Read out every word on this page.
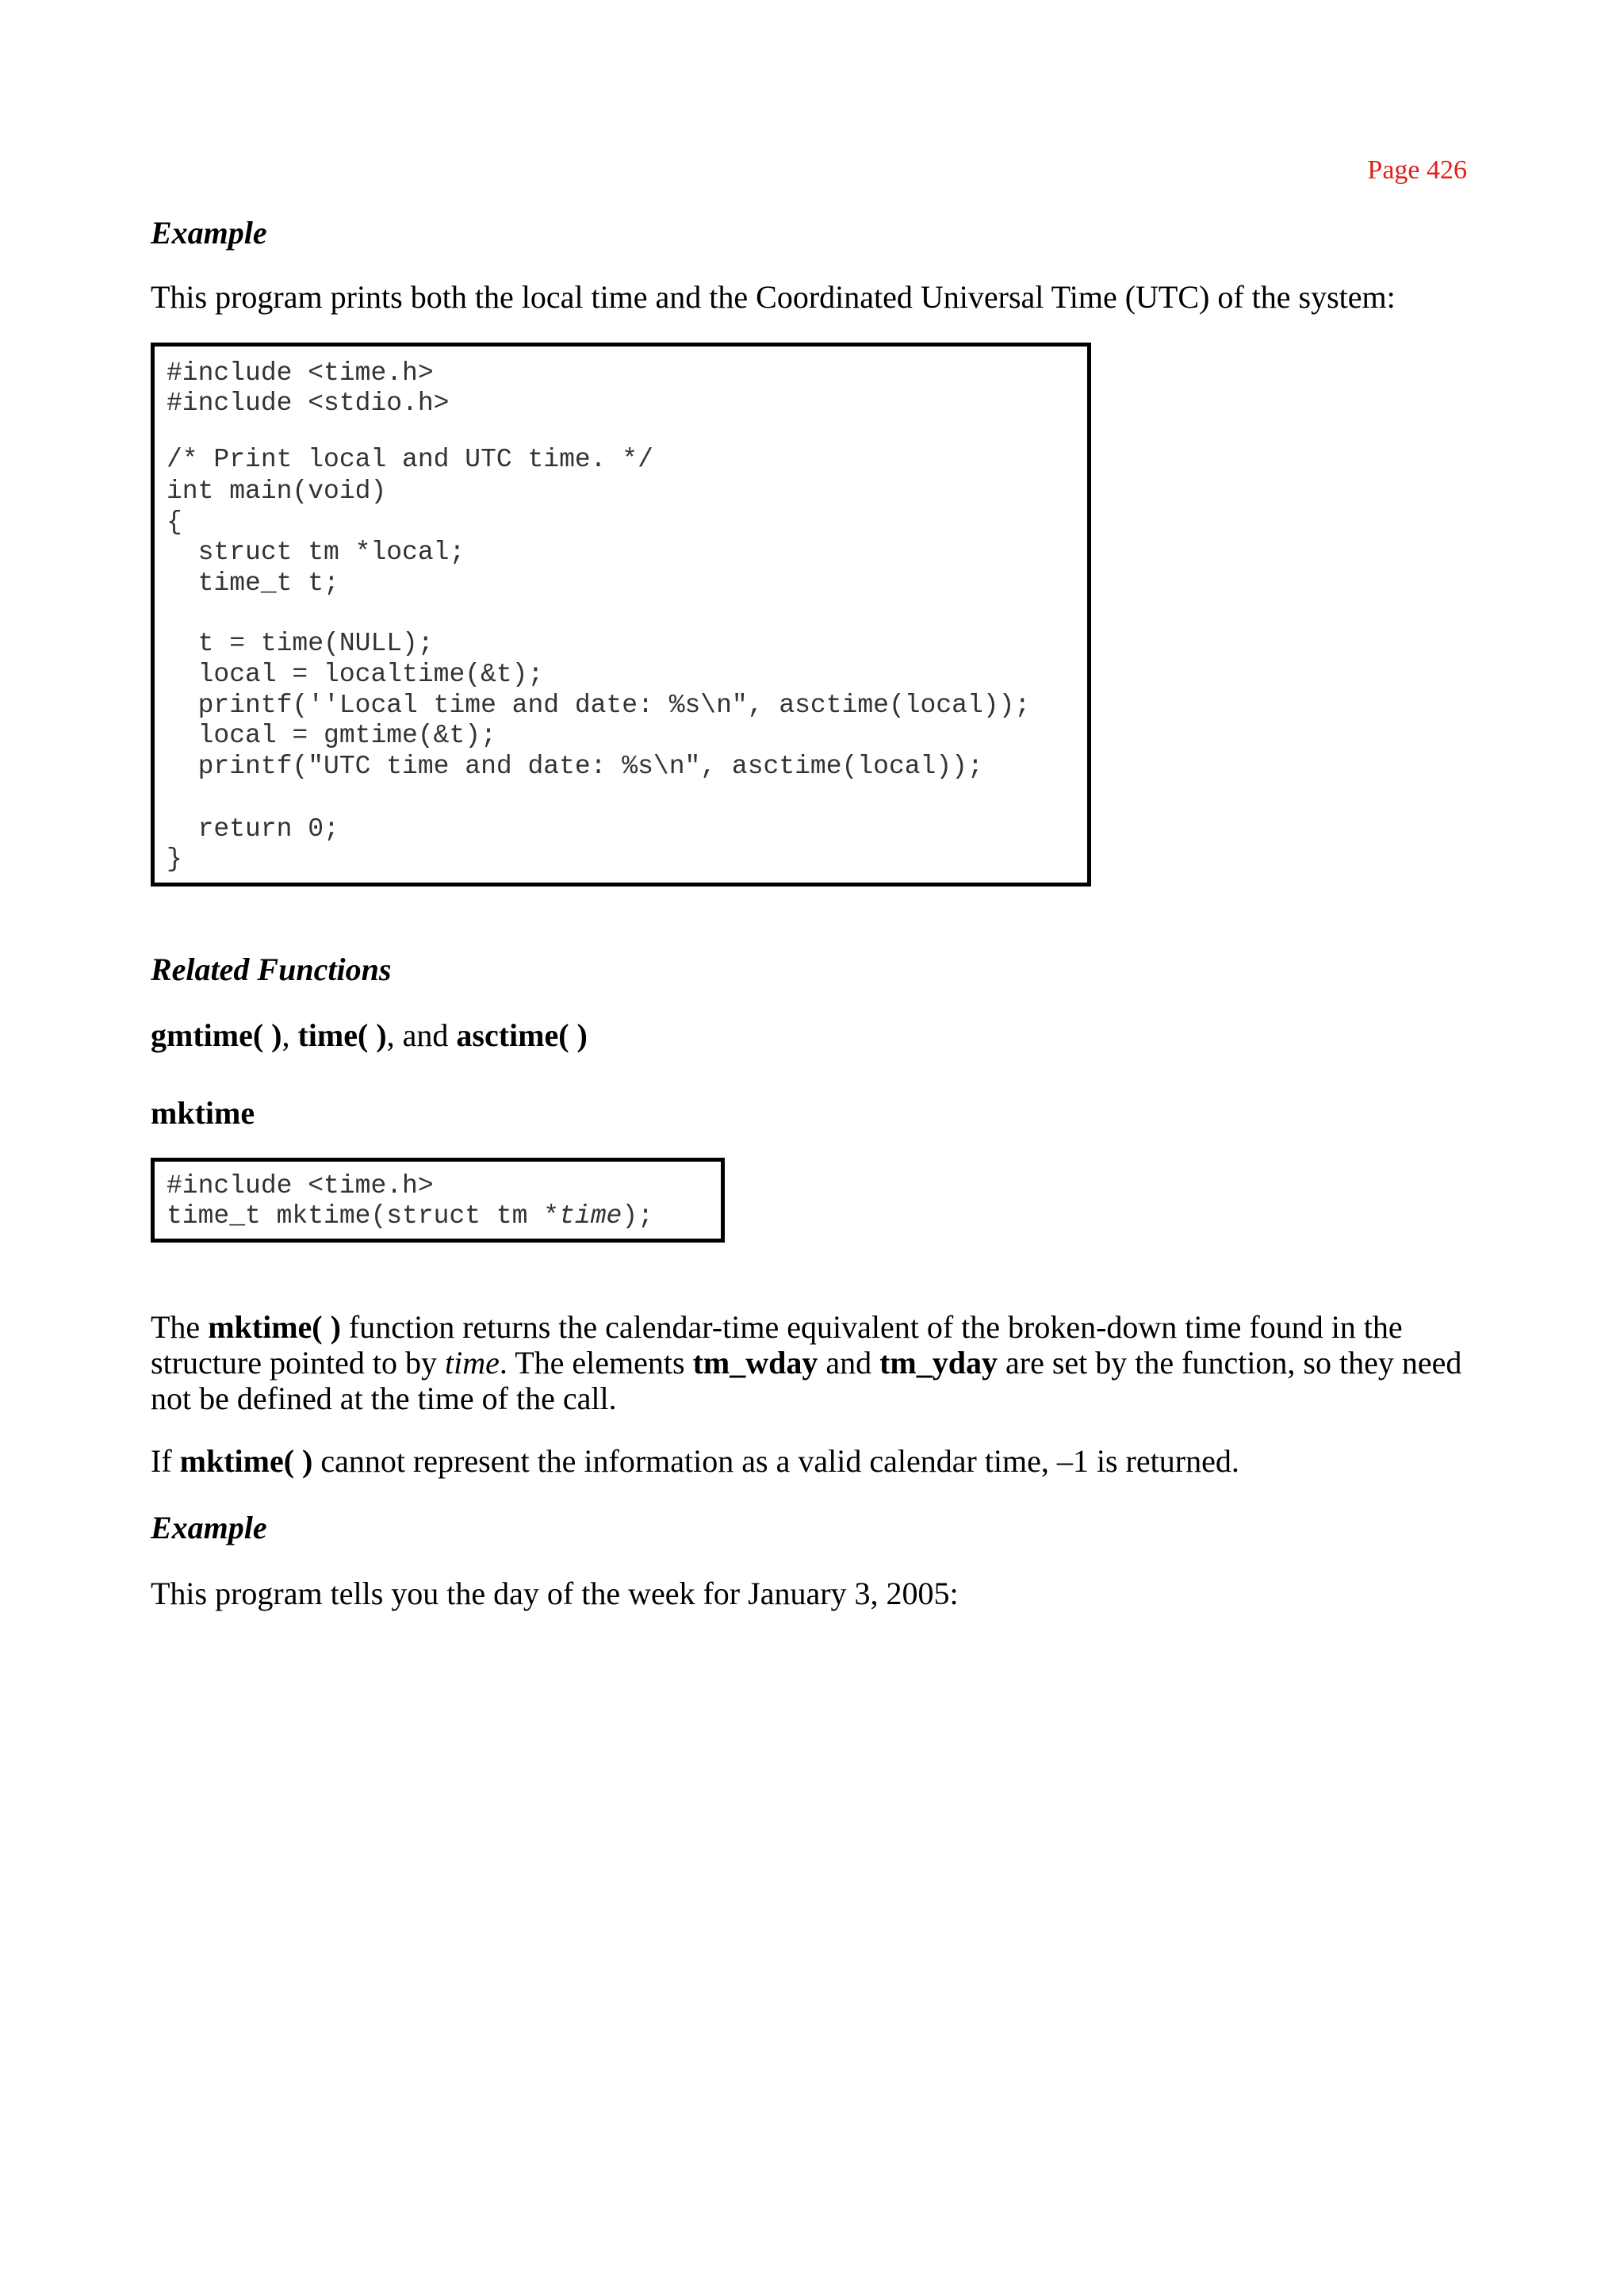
Page 426
Example
This program prints both the local time and the Coordinated Universal Time (UTC) of the system:
#include <time.h>
#include <stdio.h>
/* Print local and UTC time. */
int main(void)
{
struct tm *local;
time_t t;
t = time(NULL);
local = localtime(&t);
printf(''Local time and date: %s\n", asctime(local));
local = gmtime(&t);
printf("UTC time and date: %s\n", asctime(local));
return 0;
}
Related Functions
gmtime( ), time( ), and asctime( )
mktime
#include <time.h>
time_t mktime(struct tm *time);
The mktime( ) function returns the calendar-time equivalent of the broken-down time found in the structure pointed to by time. The elements tm_wday and tm_yday are set by the function, so they need not be defined at the time of the call.
If mktime( ) cannot represent the information as a valid calendar time, –1 is returned.
Example
This program tells you the day of the week for January 3, 2005:
